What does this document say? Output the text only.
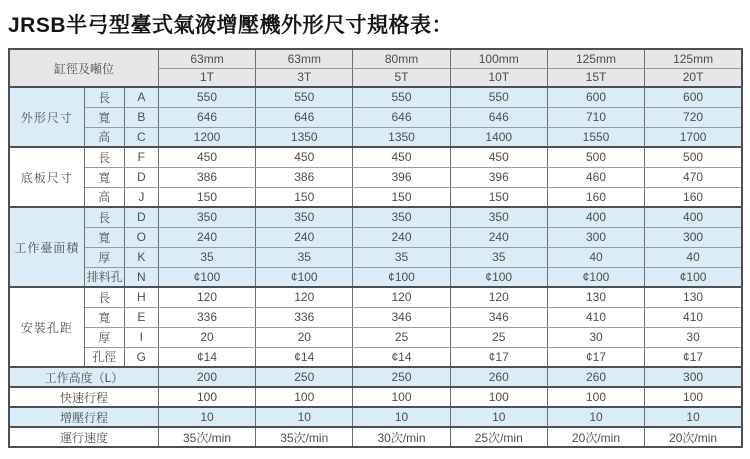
JRSB半弓型臺式氣液增壓機外形尺寸規格表：
缸徑及噸位			63mm	63mm	80mm	100mm	125mm	125mm
			1T	3T	5T	10T	15T	20T
外形尺寸	長	A	550	550	550	550	600	600
	寬	B	646	646	646	646	710	720
	高	C	1200	1350	1350	1400	1550	1700
底板尺寸	長	F	450	450	450	450	500	500
	寬	D	386	386	396	396	460	470
	高	J	150	150	150	150	160	160
工作臺面積	長	D	350	350	350	350	400	400
	寬	O	240	240	240	240	300	300
	厚	K	35	35	35	35	40	40
	排料孔	N	¢100	¢100	¢100	¢100	¢100	¢100
安裝孔距	長	H	120	120	120	120	130	130
	寬	E	336	336	346	346	410	410
	厚	I	20	20	25	25	30	30
	孔徑	G	¢14	¢14	¢14	¢17	¢17	¢17
工作高度（L）			200	250	250	260	260	300
快速行程			100	100	100	100	100	100
增壓行程			10	10	10	10	10	10
運行速度			35次/min	35次/min	30次/min	25次/min	20次/min	20次/min
